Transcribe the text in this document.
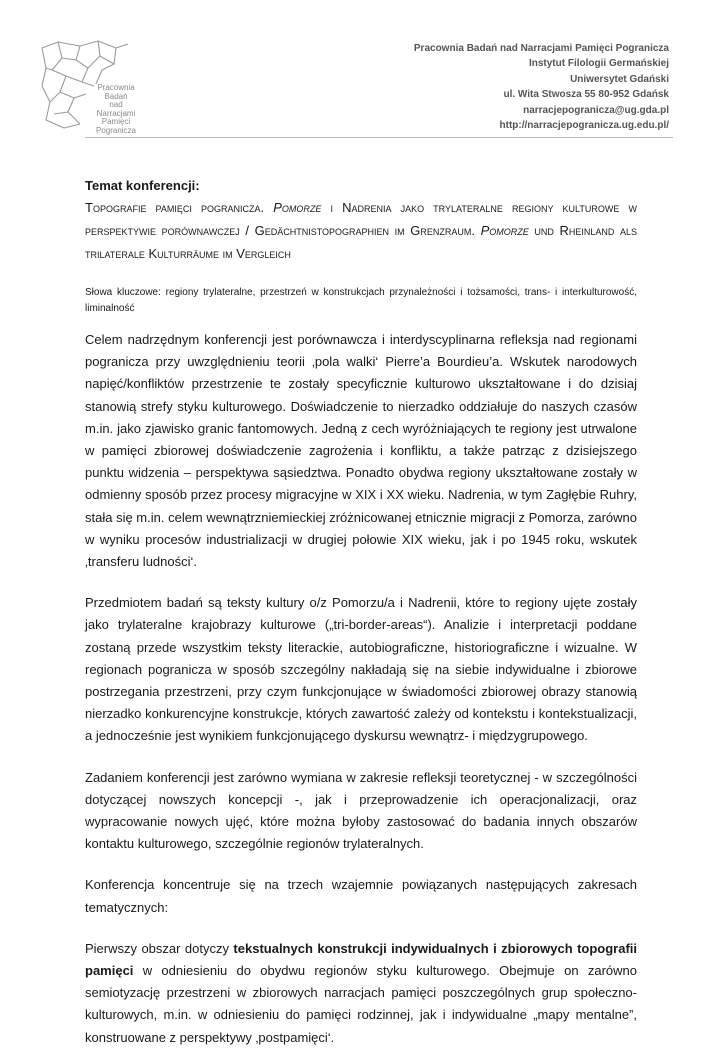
Pracownia
Badań
nad
Narracjami
Pamięci
Pogranicza
Pracownia Badań nad Narracjami Pamięci Pogranicza
Instytut Filologii Germańskiej
Uniwersytet Gdański
ul. Wita Stwosza 55 80-952 Gdańsk
narracjepogranicza@ug.gda.pl
http://narracjepogranicza.ug.edu.pl/

Temat konferencji:

Topografie pamięci pogranicza. Pomorze i Nadrenia jako trylateralne regiony kulturowe w perspektywie porównawczej / Gedächtnistopographien im Grenzraum. Pomorze und Rheinland als trilaterale Kulturräume im Vergleich

Słowa kluczowe: regiony trylateralne, przestrzeń w konstrukcjach przynależności i tożsamości, trans- i interkulturowość, liminalność

Celem nadrzędnym konferencji jest porównawcza i interdyscyplinarna refleksja nad regionami pogranicza przy uwzględnieniu teorii ‚pola walki‘ Pierre’a Bourdieu’a. Wskutek narodowych napięć/konfliktów przestrzenie te zostały specyficznie kulturowo ukształtowane i do dzisiaj stanowią strefy styku kulturowego. Doświadczenie to nierzadko oddziałuje do naszych czasów m.in. jako zjawisko granic fantomowych. Jedną z cech wyróżniających te regiony jest utrwalone w pamięci zbiorowej doświadczenie zagrożenia i konfliktu, a także patrząc z dzisiejszego punktu widzenia – perspektywa sąsiedztwa. Ponadto obydwa regiony ukształtowane zostały w odmienny sposób przez procesy migracyjne w XIX i XX wieku. Nadrenia, w tym Zagłębie Ruhry, stała się m.in. celem wewnątrzniemieckiej zróżnicowanej etnicznie migracji z Pomorza, zarówno w wyniku procesów industrializacji w drugiej połowie XIX wieku, jak i po 1945 roku, wskutek ‚transferu ludności‘.

Przedmiotem badań są teksty kultury o/z Pomorzu/a i Nadrenii, które to regiony ujęte zostały jako trylateralne krajobrazy kulturowe („tri-border-areas“). Analizie i interpretacji poddane zostaną przede wszystkim teksty literackie, autobiograficzne, historiograficzne i wizualne. W regionach pogranicza w sposób szczególny nakładają się na siebie indywidualne i zbiorowe postrzegania przestrzeni, przy czym funkcjonujące w świadomości zbiorowej obrazy stanowią nierzadko konkurencyjne konstrukcje, których zawartość zależy od kontekstu i kontekstualizacji, a jednocześnie jest wynikiem funkcjonującego dyskursu wewnątrz- i międzygrupowego.

Zadaniem konferencji jest zarówno wymiana w zakresie refleksji teoretycznej - w szczególności dotyczącej nowszych koncepcji -, jak i przeprowadzenie ich operacjonalizacji, oraz wypracowanie nowych ujęć, które można byłoby zastosować do badania innych obszarów kontaktu kulturowego, szczególnie regionów trylateralnych.

Konferencja koncentruje się na trzech wzajemnie powiązanych następujących zakresach tematycznych:

Pierwszy obszar dotyczy tekstualnych konstrukcji indywidualnych i zbiorowych topografii pamięci w odniesieniu do obydwu regionów styku kulturowego. Obejmuje on zarówno semiotyzację przestrzeni w zbiorowych narracjach pamięci poszczególnych grup społeczno-kulturowych, m.in. w odniesieniu do pamięci rodzinnej, jak i indywidualne „mapy mentalne”, konstruowane z perspektywy ‚postpamięci‘.
